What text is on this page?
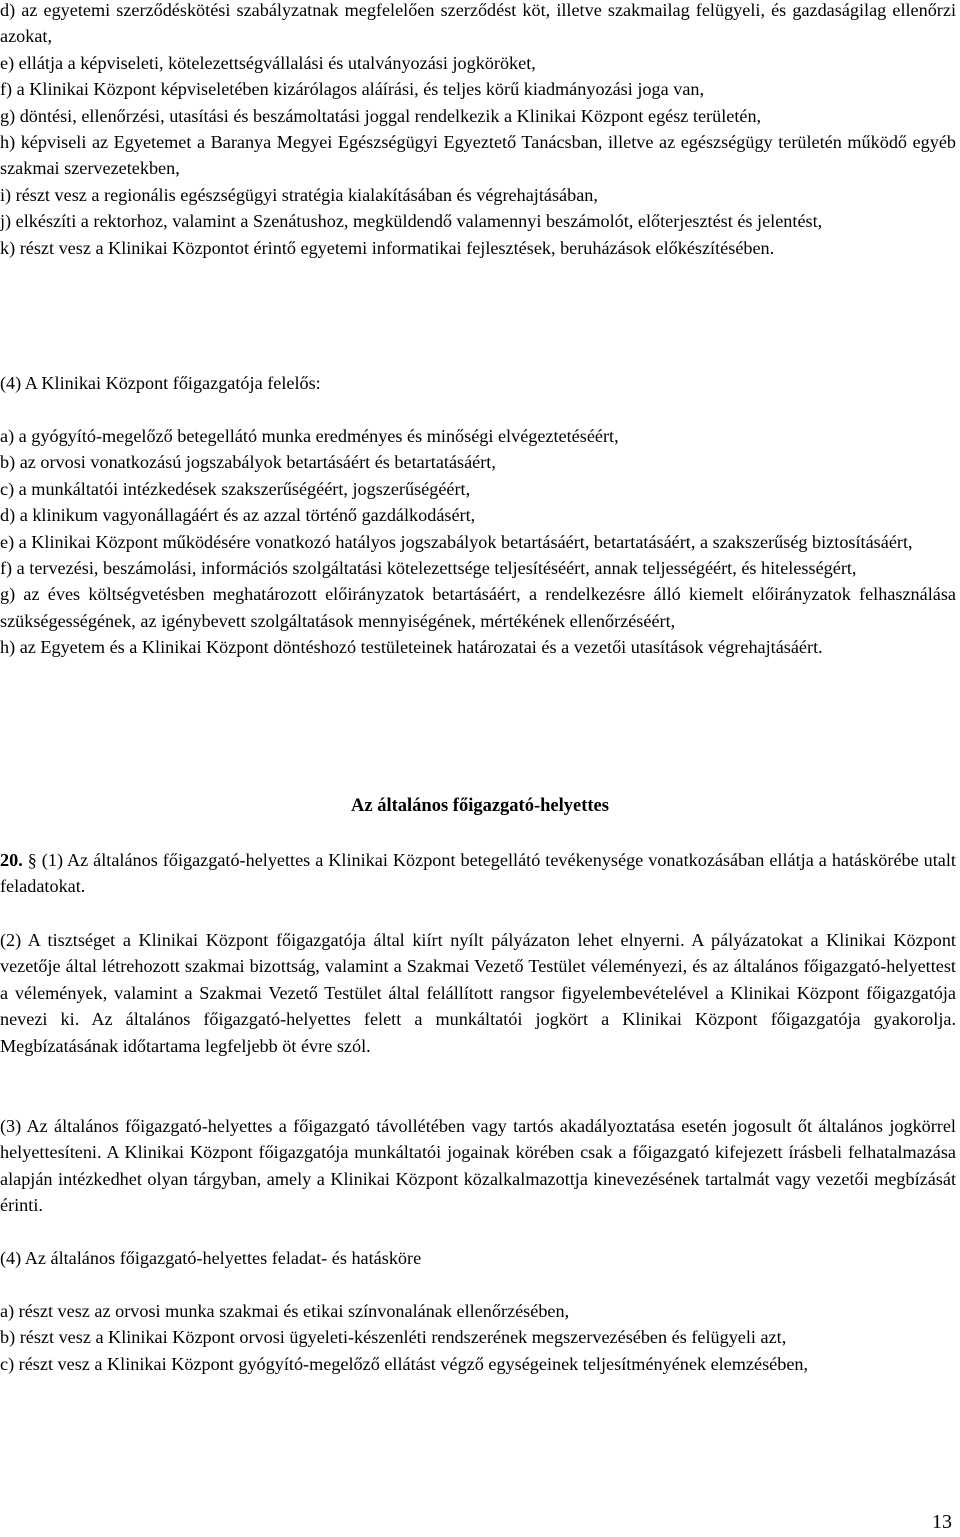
d) az egyetemi szerződéskötési szabályzatnak megfelelően szerződést köt, illetve szakmailag felügyeli, és gazdaságilag ellenőrzi azokat,

e) ellátja a képviseleti, kötelezettségvállalási és utalványozási jogköröket,

f) a Klinikai Központ képviseletében kizárólagos aláírási, és teljes körű kiadmányozási joga van,

g) döntési, ellenőrzési, utasítási és beszámoltatási joggal rendelkezik a Klinikai Központ egész területén,

h) képviseli az Egyetemet a Baranya Megyei Egészségügyi Egyeztető Tanácsban, illetve az egészségügy területén működő egyéb szakmai szervezetekben,

i) részt vesz a regionális egészségügyi stratégia kialakításában és végrehajtásában,

j) elkészíti a rektorhoz, valamint a Szenátushoz, megküldendő valamennyi beszámolót, előterjesztést és jelentést,

k) részt vesz a Klinikai Központot érintő egyetemi informatikai fejlesztések, beruházások előkészítésében.

(4) A Klinikai Központ főigazgatója felelős:

a) a gyógyító-megelőző betegellátó munka eredményes és minőségi elvégeztetéséért,

b) az orvosi vonatkozású jogszabályok betartásáért és betartatásáért,

c) a munkáltatói intézkedések szakszerűségéért, jogszerűségéért,

d) a klinikum vagyonállagáért és az azzal történő gazdálkodásért,

e) a Klinikai Központ működésére vonatkozó hatályos jogszabályok betartásáért, betartatásáért, a szakszerűség biztosításáért,

f) a tervezési, beszámolási, információs szolgáltatási kötelezettsége teljesítéséért, annak teljességéért, és hitelességért,

g) az éves költségvetésben meghatározott előirányzatok betartásáért, a rendelkezésre álló kiemelt előirányzatok felhasználása szükségességének, az igénybevett szolgáltatások mennyiségének, mértékének ellenőrzéséért,

h) az Egyetem és a Klinikai Központ döntéshozó testületeinek határozatai és a vezetői utasítások végrehajtásáért.

Az általános főigazgató-helyettes

20. § (1) Az általános főigazgató-helyettes a Klinikai Központ betegellátó tevékenysége vonatkozásában ellátja a hatáskörébe utalt feladatokat.

(2) A tisztséget a Klinikai Központ főigazgatója által kiírt nyílt pályázaton lehet elnyerni. A pályázatokat a Klinikai Központ vezetője által létrehozott szakmai bizottság, valamint a Szakmai Vezető Testület véleményezi, és az általános főigazgató-helyettest a vélemények, valamint a Szakmai Vezető Testület által felállított rangsor figyelembevételével a Klinikai Központ főigazgatója nevezi ki. Az általános főigazgató-helyettes felett a munkáltatói jogkört a Klinikai Központ főigazgatója gyakorolja. Megbízatásának időtartama legfeljebb öt évre szól.

(3) Az általános főigazgató-helyettes a főigazgató távollétében vagy tartós akadályoztatása esetén jogosult őt általános jogkörrel helyettesíteni. A Klinikai Központ főigazgatója munkáltatói jogainak körében csak a főigazgató kifejezett írásbeli felhatalmazása alapján intézkedhet olyan tárgyban, amely a Klinikai Központ közalkalmazottja kinevezésének tartalmát vagy vezetői megbízását érinti.

(4) Az általános főigazgató-helyettes feladat- és hatásköre

a) részt vesz az orvosi munka szakmai és etikai színvonalának ellenőrzésében,

b) részt vesz a Klinikai Központ orvosi ügyeleti-készenléti rendszerének megszervezésében és felügyeli azt,

c) részt vesz a Klinikai Központ gyógyító-megelőző ellátást végző egységeinek teljesítményének elemzésében,

13
